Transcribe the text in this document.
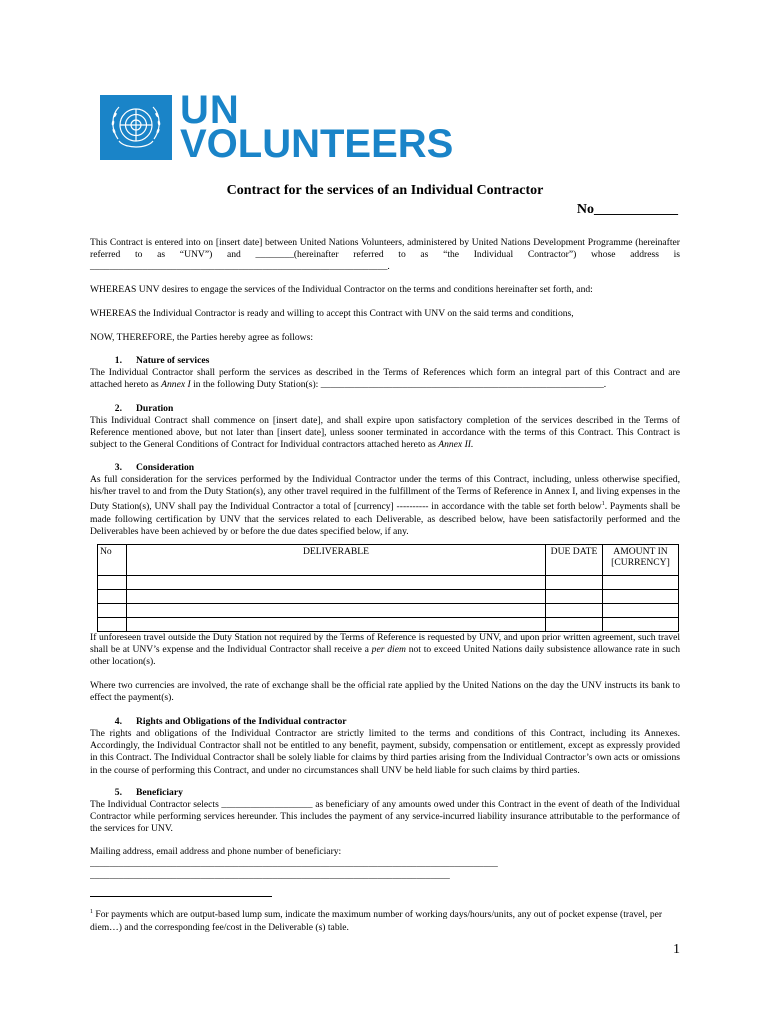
UN
VOLUNTEERS
Contract for the services of an Individual Contractor
No____________
This Contract is entered into on [insert date] between United Nations Volunteers, administered by United Nations Development Programme (hereinafter referred to as “UNV”) and ________(hereinafter referred to as “the Individual Contractor”) whose address is ______________________________________________________________.
WHEREAS UNV desires to engage the services of the Individual Contractor on the terms and conditions hereinafter set forth, and:
WHEREAS the Individual Contractor is ready and willing to accept this Contract with UNV on the said terms and conditions,
NOW, THEREFORE, the Parties hereby agree as follows:
1. Nature of services
The Individual Contractor shall perform the services as described in the Terms of References which form an integral part of this Contract and are attached hereto as Annex I in the following Duty Station(s): ___________________________________________________________.
2. Duration
This Individual Contract shall commence on [insert date], and shall expire upon satisfactory completion of the services described in the Terms of Reference mentioned above, but not later than [insert date], unless sooner terminated in accordance with the terms of this Contract. This Contract is subject to the General Conditions of Contract for Individual contractors attached hereto as Annex II.
3. Consideration
As full consideration for the services performed by the Individual Contractor under the terms of this Contract, including, unless otherwise specified, his/her travel to and from the Duty Station(s), any other travel required in the fulfillment of the Terms of Reference in Annex I, and living expenses in the Duty Station(s), UNV shall pay the Individual Contractor a total of [currency] ---------- in accordance with the table set forth below$^1$. Payments shall be made following certification by UNV that the services related to each Deliverable, as described below, have been satisfactorily performed and the Deliverables have been achieved by or before the due dates specified below, if any.
No	DELIVERABLE	DUE DATE	AMOUNT IN [CURRENCY]

If unforeseen travel outside the Duty Station not required by the Terms of Reference is requested by UNV, and upon prior written agreement, such travel shall be at UNV’s expense and the Individual Contractor shall receive a per diem not to exceed United Nations daily subsistence allowance rate in such other location(s).
Where two currencies are involved, the rate of exchange shall be the official rate applied by the United Nations on the day the UNV instructs its bank to effect the payment(s).
4. Rights and Obligations of the Individual contractor
The rights and obligations of the Individual Contractor are strictly limited to the terms and conditions of this Contract, including its Annexes. Accordingly, the Individual Contractor shall not be entitled to any benefit, payment, subsidy, compensation or entitlement, except as expressly provided in this Contract. The Individual Contractor shall be solely liable for claims by third parties arising from the Individual Contractor’s own acts or omissions in the course of performing this Contract, and under no circumstances shall UNV be held liable for such claims by third parties.
5. Beneficiary
The Individual Contractor selects ___________________ as beneficiary of any amounts owed under this Contract in the event of death of the Individual Contractor while performing services hereunder. This includes the payment of any service-incurred liability insurance attributable to the performance of the services for UNV.
Mailing address, email address and phone number of beneficiary:
_____________________________________________________________________________________
___________________________________________________________________________
$^1$ For payments which are output-based lump sum, indicate the maximum number of working days/hours/units, any out of pocket expense (travel, per diem…) and the corresponding fee/cost in the Deliverable (s) table.
1
